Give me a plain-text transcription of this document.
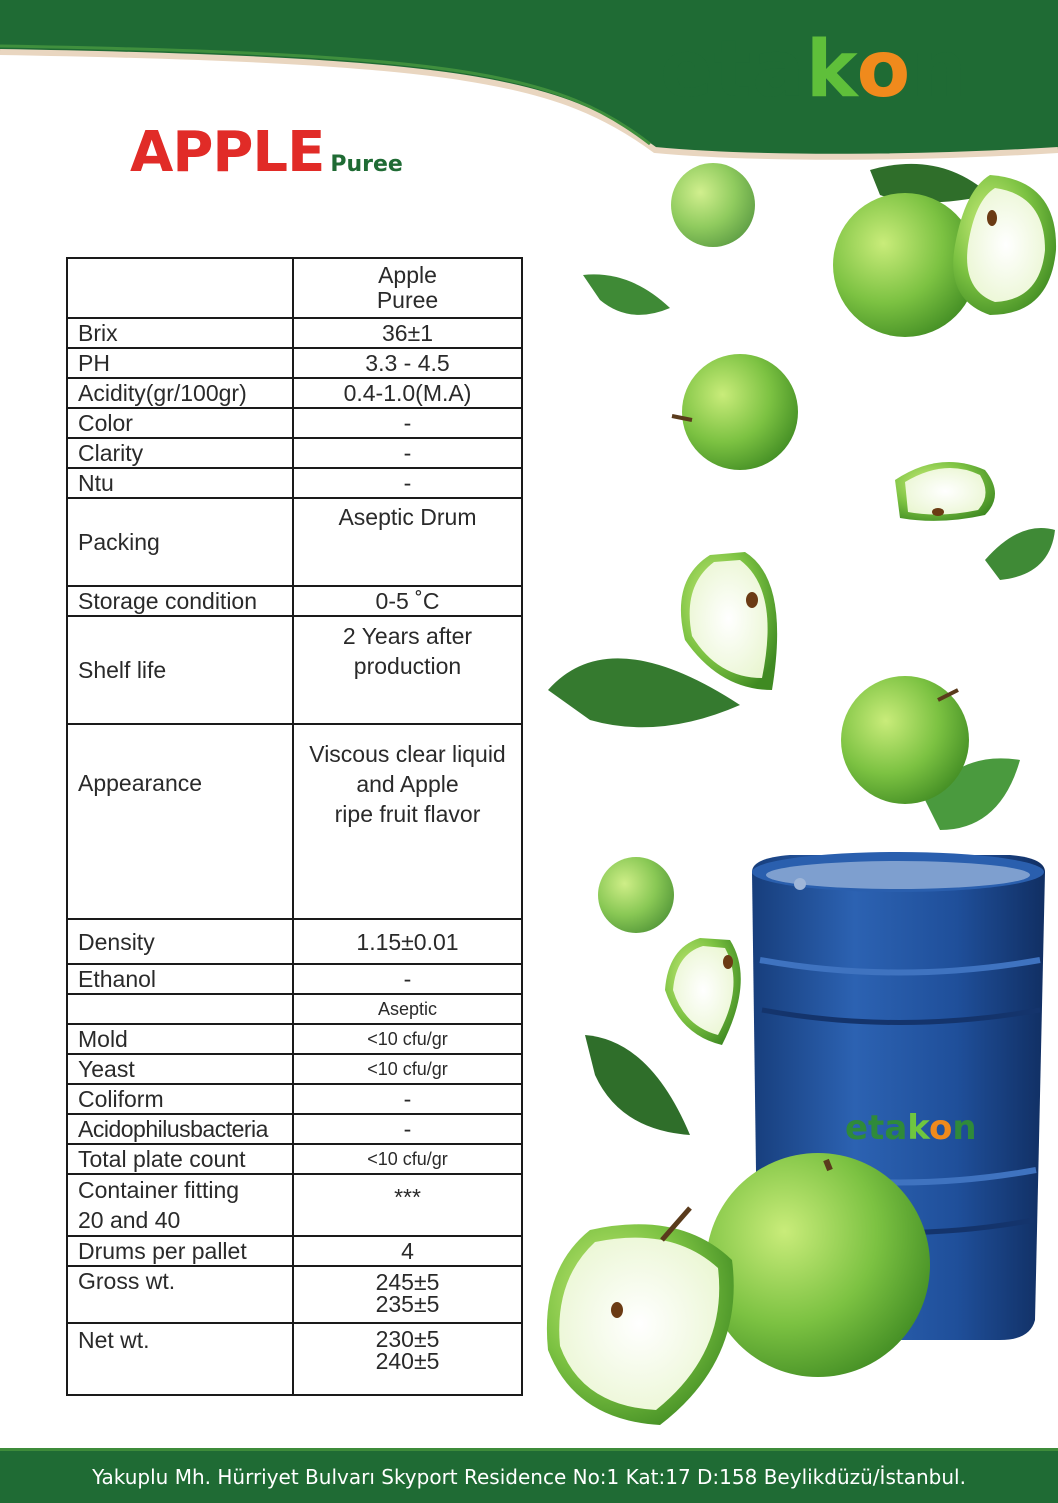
etakon
APPLE Puree
	Apple
Puree
Brix	36±1
PH	3.3 - 4.5
Acidity(gr/100gr)	0.4-1.0(M.A)
Color	-
Clarity	-
Ntu	-
Packing	Aseptic Drum
Storage condition	0-5 ˚C
Shelf life	2 Years after
production
Appearance	Viscous clear liquid
and Apple
ripe fruit flavor
Density	1.15±0.01
Ethanol	-
	Aseptic
Mold	<10 cfu/gr
Yeast	<10 cfu/gr
Coliform	-
Acidophilusbacteria	-
Total plate count	<10 cfu/gr
Container fitting
20 and 40	***
Drums per pallet	4
Gross wt.	245±5
235±5
Net wt.	230±5
240±5
etakon
Yakuplu Mh. Hürriyet Bulvarı Skyport Residence No:1 Kat:17 D:158 Beylikdüzü/İstanbul.
